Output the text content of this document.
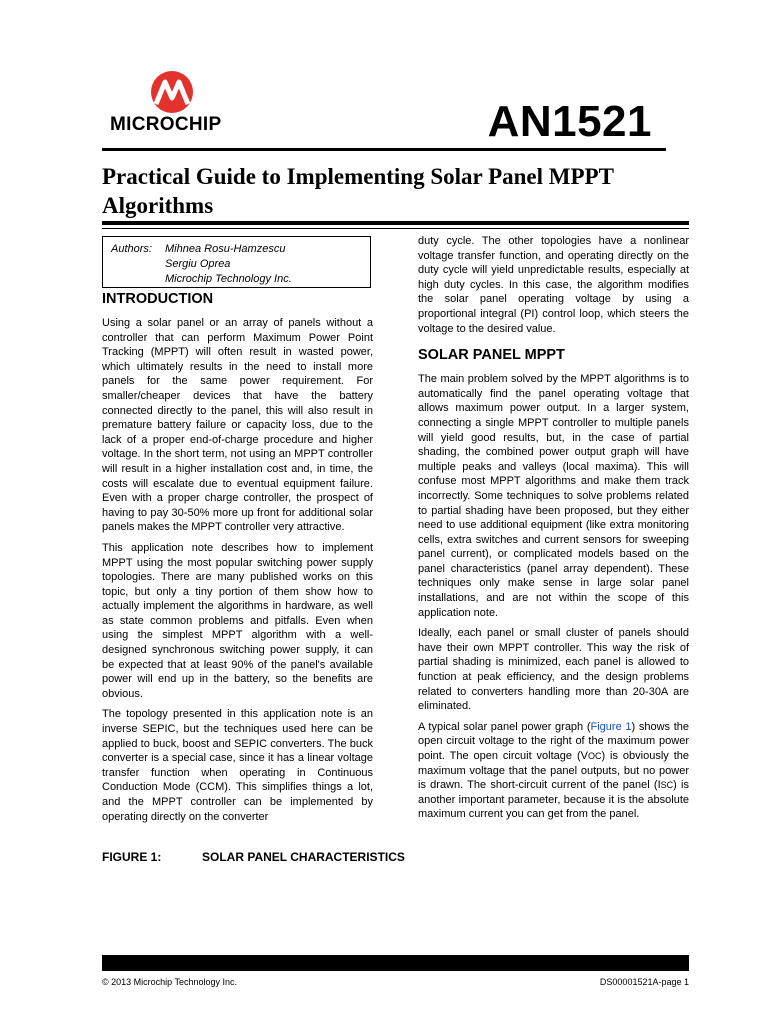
MICROCHIP	AN1521
Practical Guide to Implementing Solar Panel MPPT Algorithms
Authors: Mihnea Rosu-Hamzescu
Sergiu Oprea
Microchip Technology Inc.
INTRODUCTION

Using a solar panel or an array of panels without a controller that can perform Maximum Power Point Tracking (MPPT) will often result in wasted power, which ultimately results in the need to install more panels for the same power requirement. For smaller/cheaper devices that have the battery connected directly to the panel, this will also result in premature battery failure or capacity loss, due to the lack of a proper end-of-charge procedure and higher voltage. In the short term, not using an MPPT controller will result in a higher installation cost and, in time, the costs will escalate due to eventual equipment failure. Even with a proper charge controller, the prospect of having to pay 30-50% more up front for additional solar panels makes the MPPT controller very attractive.

This application note describes how to implement MPPT using the most popular switching power supply topologies. There are many published works on this topic, but only a tiny portion of them show how to actually implement the algorithms in hardware, as well as state common problems and pitfalls. Even when using the simplest MPPT algorithm with a well-designed synchronous switching power supply, it can be expected that at least 90% of the panel's available power will end up in the battery, so the benefits are obvious.

The topology presented in this application note is an inverse SEPIC, but the techniques used here can be applied to buck, boost and SEPIC converters. The buck converter is a special case, since it has a linear voltage transfer function when operating in Continuous Conduction Mode (CCM). This simplifies things a lot, and the MPPT controller can be implemented by operating directly on the converter

duty cycle. The other topologies have a nonlinear voltage transfer function, and operating directly on the duty cycle will yield unpredictable results, especially at high duty cycles. In this case, the algorithm modifies the solar panel operating voltage by using a proportional integral (PI) control loop, which steers the voltage to the desired value.

SOLAR PANEL MPPT

The main problem solved by the MPPT algorithms is to automatically find the panel operating voltage that allows maximum power output. In a larger system, connecting a single MPPT controller to multiple panels will yield good results, but, in the case of partial shading, the combined power output graph will have multiple peaks and valleys (local maxima). This will confuse most MPPT algorithms and make them track incorrectly. Some techniques to solve problems related to partial shading have been proposed, but they either need to use additional equipment (like extra monitoring cells, extra switches and current sensors for sweeping panel current), or complicated models based on the panel characteristics (panel array dependent). These techniques only make sense in large solar panel installations, and are not within the scope of this application note.

Ideally, each panel or small cluster of panels should have their own MPPT controller. This way the risk of partial shading is minimized, each panel is allowed to function at peak efficiency, and the design problems related to converters handling more than 20-30A are eliminated.

A typical solar panel power graph (Figure 1) shows the open circuit voltage to the right of the maximum power point. The open circuit voltage (VOC) is obviously the maximum voltage that the panel outputs, but no power is drawn. The short-circuit current of the panel (ISC) is another important parameter, because it is the absolute maximum current you can get from the panel.

FIGURE 1:	SOLAR PANEL CHARACTERISTICS
© 2013 Microchip Technology Inc.	DS00001521A-page 1
